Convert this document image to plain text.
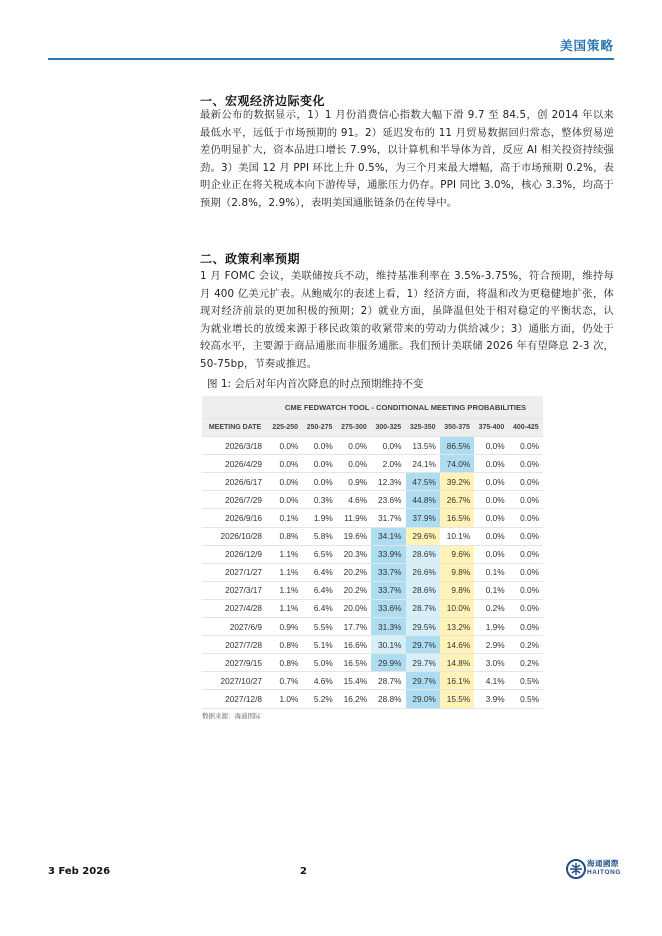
美国策略
一、宏观经济边际变化
最新公布的数据显示，1）1 月份消费信心指数大幅下滑 9.7 至 84.5，创 2014 年以来最低水平，远低于市场预期的 91。2）延迟发布的 11 月贸易数据回归常态，整体贸易逆差仍明显扩大，资本品进口增长 7.9%，以计算机和半导体为首，反应 AI 相关投资持续强劲。3）美国 12 月 PPI 环比上升 0.5%，为三个月来最大增幅，高于市场预期 0.2%，表明企业正在将关税成本向下游传导，通胀压力仍存。PPI 同比 3.0%，核心 3.3%，均高于预期（2.8%，2.9%），表明美国通胀链条仍在传导中。
二、政策利率预期
1 月 FOMC 会议，美联储按兵不动，维持基准利率在 3.5%-3.75%，符合预期，维持每月 400 亿美元扩表。从鲍威尔的表述上看，1）经济方面，将温和改为更稳健地扩张，体现对经济前景的更加积极的预期；2）就业方面，虽降温但处于相对稳定的平衡状态，认为就业增长的放缓来源于移民政策的收紧带来的劳动力供给减少；3）通胀方面，仍处于较高水平，主要源于商品通胀而非服务通胀。我们预计美联储 2026 年有望降息 2-3 次，50-75bp，节奏或推迟。
图 1: 会后对年内首次降息的时点预期维持不变
	CME FEDWATCH TOOL - CONDITIONAL MEETING PROBABILITIES							
MEETING DATE	225-250	250-275	275-300	300-325	325-350	350-375	375-400	400-425
2026/3/18	0.0%	0.0%	0.0%	0.0%	13.5%	86.5%	0.0%	0.0%
2026/4/29	0.0%	0.0%	0.0%	2.0%	24.1%	74.0%	0.0%	0.0%
2026/6/17	0.0%	0.0%	0.9%	12.3%	47.5%	39.2%	0.0%	0.0%
2026/7/29	0.0%	0.3%	4.6%	23.6%	44.8%	26.7%	0.0%	0.0%
2026/9/16	0.1%	1.9%	11.9%	31.7%	37.9%	16.5%	0.0%	0.0%
2026/10/28	0.8%	5.8%	19.6%	34.1%	29.6%	10.1%	0.0%	0.0%
2026/12/9	1.1%	6.5%	20.3%	33.9%	28.6%	9.6%	0.0%	0.0%
2027/1/27	1.1%	6.4%	20.2%	33.7%	26.6%	9.8%	0.1%	0.0%
2027/3/17	1.1%	6.4%	20.2%	33.7%	28.6%	9.8%	0.1%	0.0%
2027/4/28	1.1%	6.4%	20.0%	33.6%	28.7%	10.0%	0.2%	0.0%
2027/6/9	0.9%	5.5%	17.7%	31.3%	29.5%	13.2%	1.9%	0.0%
2027/7/28	0.8%	5.1%	16.6%	30.1%	29.7%	14.6%	2.9%	0.2%
2027/9/15	0.8%	5.0%	16.5%	29.9%	29.7%	14.8%	3.0%	0.2%
2027/10/27	0.7%	4.6%	15.4%	28.7%	29.7%	16.1%	4.1%	0.5%
2027/12/8	1.0%	5.2%	16.2%	28.8%	29.0%	15.5%	3.9%	0.5%
数据来源：海通国际
3 Feb 2026	2
海通國際
HAITONG
